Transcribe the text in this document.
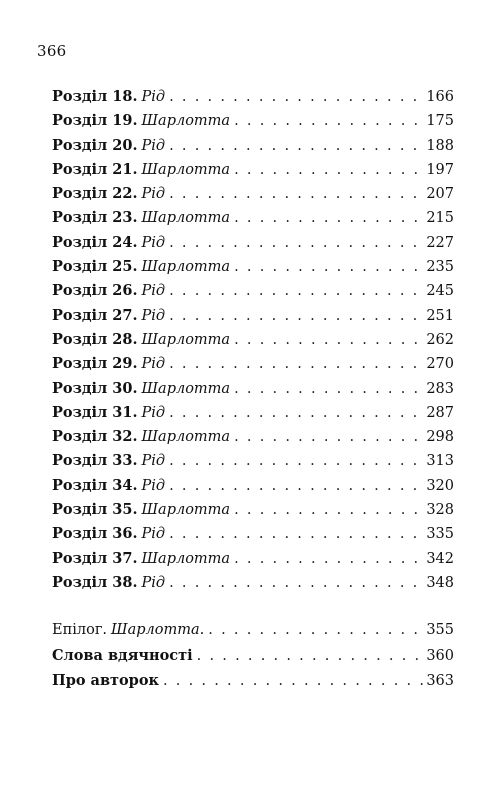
366
Розділ 18. Рід . . .	166
Розділ 19. Шарлотта . . .	175
Розділ 20. Рід . . .	188
Розділ 21. Шарлотта . . .	197
Розділ 22. Рід . . .	207
Розділ 23. Шарлотта . . .	215
Розділ 24. Рід . . .	227
Розділ 25. Шарлотта . . .	235
Розділ 26. Рід . . .	245
Розділ 27. Рід . . .	251
Розділ 28. Шарлотта . . .	262
Розділ 29. Рід . . .	270
Розділ 30. Шарлотта . . .	283
Розділ 31. Рід . . .	287
Розділ 32. Шарлотта . . .	298
Розділ 33. Рід . . .	313
Розділ 34. Рід . . .	320
Розділ 35. Шарлотта . . .	328
Розділ 36. Рід . . .	335
Розділ 37. Шарлотта . . .	342
Розділ 38. Рід . . .	348
Епілог. Шарлотта. . . .	355
Слова вдячності . . .	360
Про авторок . . .	363
